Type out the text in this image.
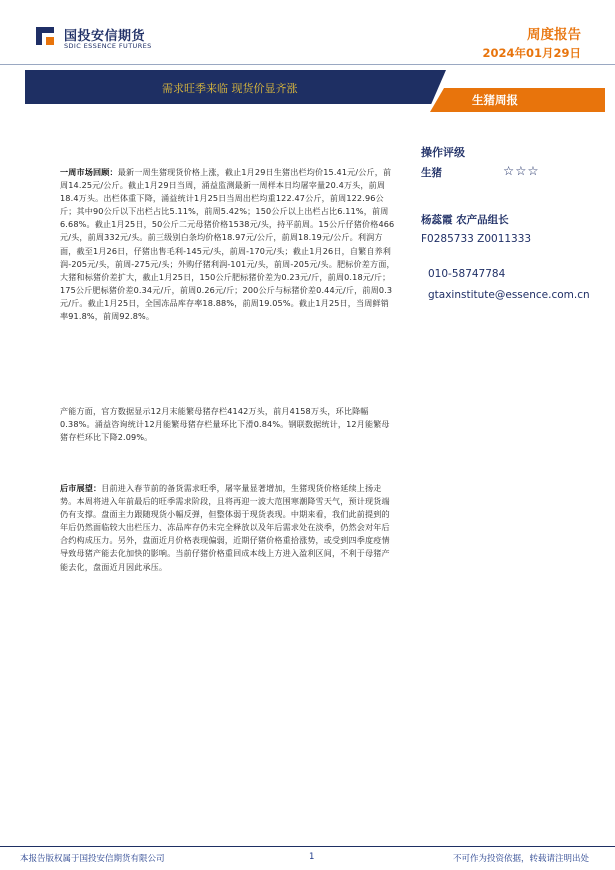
国投安信期货
SDIC ESSENCE FUTURES
周度报告
2024年01月29日
需求旺季来临 现货价显齐涨
生猪周报
一周市场回顾：最新一周生猪现货价格上涨，截止1月29日生猪出栏均价15.41元/公斤，前周14.25元/公斤。截止1月29日当周，涌益监测最新一周样本日均屠宰量20.4万头，前周18.4万头。出栏体重下降，涌益统计1月25日当周出栏均重122.47公斤，前周122.96公斤；其中90公斤以下出栏占比5.11%，前周5.42%；150公斤以上出栏占比6.11%，前周6.68%。截止1月25日，50公斤二元母猪价格1538元/头，持平前周。15公斤仔猪价格466元/头，前周332元/头。前三级别白条均价格18.97元/公斤，前周18.19元/公斤。利润方面，截至1月26日，仔猪出售毛利-145元/头，前周-170元/头；截止1月26日，自繁自养利润-205元/头，前周-275元/头；外购仔猪利润-101元/头，前周-205元/头。肥标价差方面，大猪和标猪价差扩大，截止1月25日，150公斤肥标猪价差为0.23元/斤，前周0.18元/斤；175公斤肥标猪价差0.34元/斤，前周0.26元/斤；200公斤与标猪价差0.44元/斤，前周0.3元/斤。截止1月25日，全国冻品库存率18.88%，前周19.05%。截止1月25日，当周鲜销率91.8%，前周92.8%。
产能方面，官方数据显示12月末能繁母猪存栏4142万头，前月4158万头，环比降幅0.38%。涌益咨询统计12月能繁母猪存栏量环比下滑0.84%。钢联数据统计，12月能繁母猪存栏环比下降2.09%。
后市展望：目前进入春节前的备货需求旺季，屠宰量显著增加，生猪现货价格延续上扬走势。本周将进入年前最后的旺季需求阶段，且将再迎一波大范围寒潮降雪天气，预计现货端仍有支撑。盘面主力跟随现货小幅反弹，但整体弱于现货表现。中期来看，我们此前提到的年后仍然面临较大出栏压力、冻品库存仍未完全释放以及年后需求处在淡季，仍然会对年后合约构成压力。另外，盘面近月价格表现偏弱，近期仔猪价格重拾涨势，或受到四季度疫情导致母猪产能去化加快的影响。当前仔猪价格重回成本线上方进入盈利区间，不利于母猪产能去化，盘面近月因此承压。
操作评级
生猪	☆☆☆
杨蕊霞 农产品组长
F0285733 Z0011333
010-58747784
gtaxinstitute@essence.com.cn
本报告版权属于国投安信期货有限公司	1	不可作为投资依据，转载请注明出处
